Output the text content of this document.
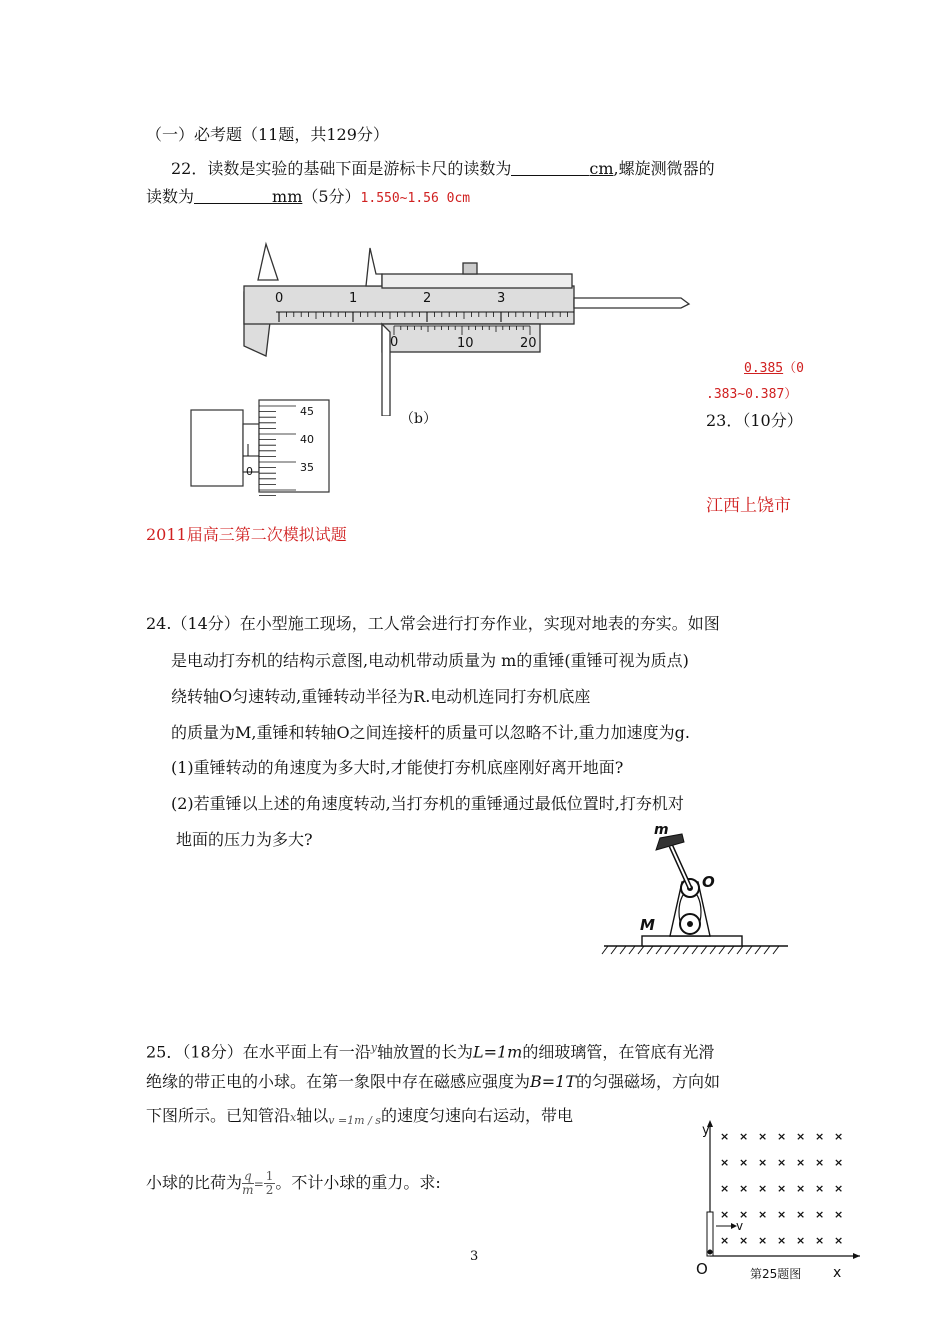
（一）必考题（11题，共129分）
22．读数是实验的基础下面是游标卡尺的读数为	cm,螺旋测微器的
读数为	mm（5分）1.550~1.56 0cm
0	1	2	3
0	10	20
（b）
45
40
35
0
0.385（0
.383~0.387）
23．（10分）
江西上饶市
2011届高三第二次模拟试题
24.（14分）在小型施工现场，工人常会进行打夯作业，实现对地表的夯实。如图
是电动打夯机的结构示意图,电动机带动质量为 m的重锤(重锤可视为质点)
绕转轴O匀速转动,重锤转动半径为R.电动机连同打夯机底座
的质量为M,重锤和转轴O之间连接杆的质量可以忽略不计,重力加速度为g.
(1)重锤转动的角速度为多大时,才能使打夯机底座刚好离开地面?
(2)若重锤以上述的角速度转动,当打夯机的重锤通过最低位置时,打夯机对
地面的压力为多大?	m
O
M
25．（18分）在水平面上有一沿$^y$轴放置的长为L=1m的细玻璃管，在管底有光滑
绝缘的带正电的小球。在第一象限中存在磁感应强度为B=1T的匀强磁场，方向如
下图所示。已知管沿x轴以v =1m / s的速度匀速向右运动，带电
小球的比荷为 $\frac{q}{m} = \frac{1}{2}$ 。不计小球的重力。求:
× × × × × × ×
× × × × × × ×
× × × × × × ×
× × × × × × ×
× × × × × × ×
y
v
O	x
第25题图
3
